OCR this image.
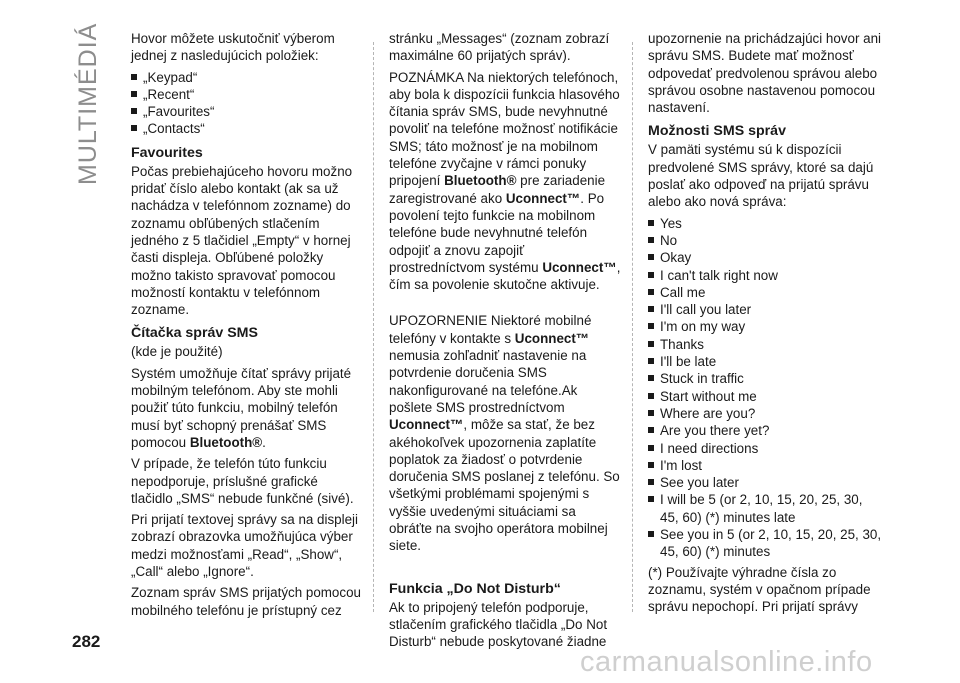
MULTIMÉDIÁ Hovor môžete uskutočniť výberom jednej z nasledujúcich položiek:

„Keypad“
„Recent“
„Favourites“
„Contacts“
Favourites

Počas prebiehajúceho hovoru možno pridať číslo alebo kontakt (ak sa už nachádza v telefónnom zozname) do zoznamu obľúbených stlačením jedného z 5 tlačidiel „Empty“ v hornej časti displeja. Obľúbené položky možno takisto spravovať pomocou možností kontaktu v telefónnom zozname.

Čítačka správ SMS

(kde je použité)

Systém umožňuje čítať správy prijaté mobilným telefónom. Aby ste mohli použiť túto funkciu, mobilný telefón musí byť schopný prenášať SMS pomocou Bluetooth®.

V prípade, že telefón túto funkciu nepodporuje, príslušné grafické tlačidlo „SMS“ nebude funkčné (sivé).

Pri prijatí textovej správy sa na displeji zobrazí obrazovka umožňujúca výber medzi možnosťami „Read“, „Show“, „Call“ alebo „Ignore“.

Zoznam správ SMS prijatých pomocou mobilného telefónu je prístupný cez

stránku „Messages“ (zoznam zobrazí maximálne 60 prijatých správ).

POZNÁMKA Na niektorých telefónoch, aby bola k dispozícii funkcia hlasového čítania správ SMS, bude nevyhnutné povoliť na telefóne možnosť notifikácie SMS; táto možnosť je na mobilnom telefóne zvyčajne v rámci ponuky pripojení Bluetooth® pre zariadenie zaregistrované ako Uconnect™. Po povolení tejto funkcie na mobilnom telefóne bude nevyhnutné telefón odpojiť a znovu zapojiť prostredníctvom systému Uconnect™, čím sa povolenie skutočne aktivuje.

UPOZORNENIE Niektoré mobilné telefóny v kontakte s Uconnect™ nemusia zohľadniť nastavenie na potvrdenie doručenia SMS nakonfigurované na telefóne.Ak pošlete SMS prostredníctvom Uconnect™, môže sa stať, že bez akéhokoľvek upozornenia zaplatíte poplatok za žiadosť o potvrdenie doručenia SMS poslanej z telefónu. So všetkými problémami spojenými s vyššie uvedenými situáciami sa obráťte na svojho operátora mobilnej siete.

Funkcia „Do Not Disturb“

Ak to pripojený telefón podporuje, stlačením grafického tlačidla „Do Not Disturb“ nebude poskytované žiadne

upozornenie na prichádzajúci hovor ani správu SMS. Budete mať možnosť odpovedať predvolenou správou alebo správou osobne nastavenou pomocou nastavení.

Možnosti SMS správ

V pamäti systému sú k dispozícii predvolené SMS správy, ktoré sa dajú poslať ako odpoveď na prijatú správu alebo ako nová správa:

Yes
No
Okay
I can't talk right now
Call me
I'll call you later
I'm on my way
Thanks
I'll be late
Stuck in traffic
Start without me
Where are you?
Are you there yet?
I need directions
I'm lost
See you later
I will be 5 (or 2, 10, 15, 20, 25, 30, 45, 60) (*) minutes late
See you in 5 (or 2, 10, 15, 20, 25, 30, 45, 60) (*) minutes

(*) Používajte výhradne čísla zo zoznamu, systém v opačnom prípade správu nepochopí. Pri prijatí správy

282
carmanualsonline.info
